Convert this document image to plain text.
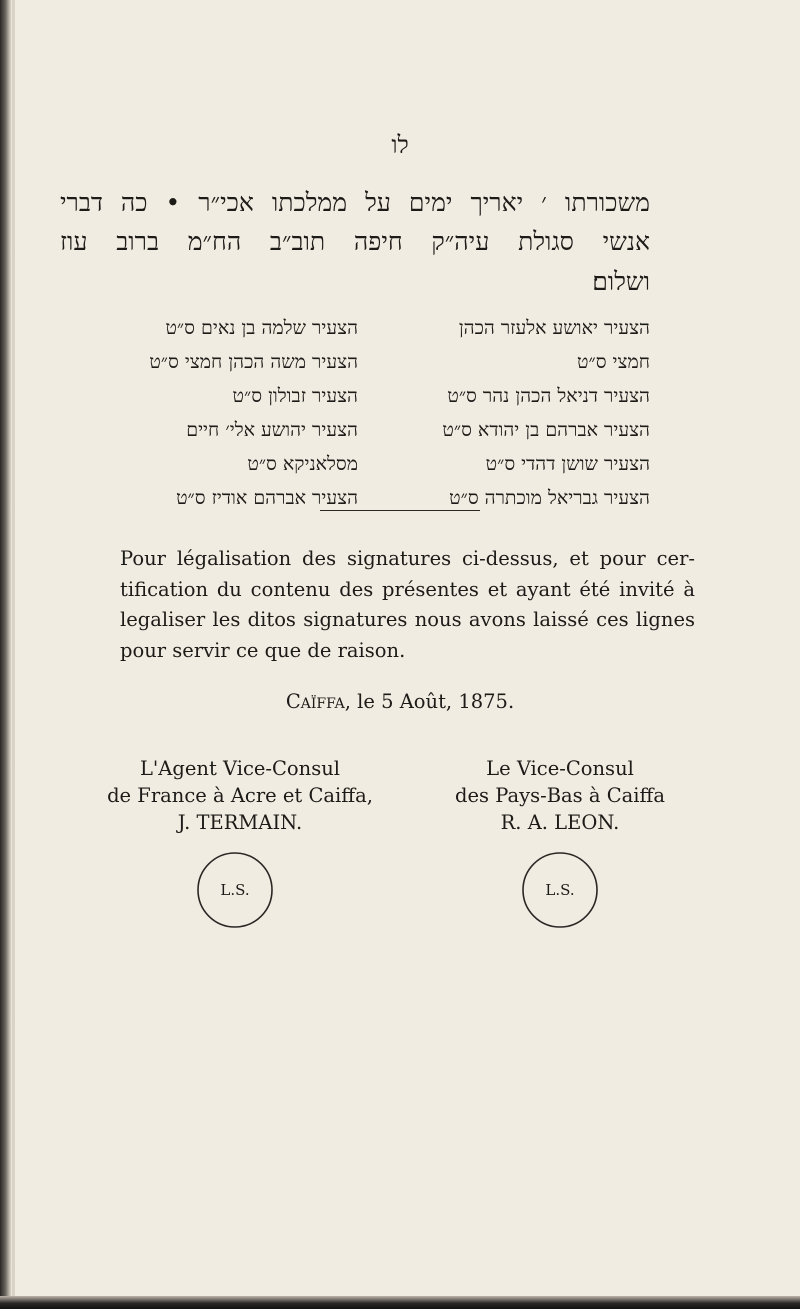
לו
משכורתו ׳ יאריך ימים על ממלכתו אכי״ר • כה דברי
אנשי סגולת עיה״ק חיפה תוב״ב הח״מ ברוב עוז
ושלום׃
הצעיר יאושע אלעזר הכהן
חמצי ס״ט
הצעיר דניאל הכהן נהר ס״ט
הצעיר אברהם בן יהודא ס״ט
הצעיר שושן דהדי ס״ט
הצעיר גבריאל מוכתרה ס״ט
הצעיר שלמה בן נאים ס״ט
הצעיר משה הכהן חמצי ס״ט
הצעיר זבולון ס״ט
הצעיר יהושע אלי׳ חיים
מסלאניקא ס״ט
הצעיר אברהם אודיז ס״ט
Pour légalisation des signatures ci-dessus, et pour cer-
tification du contenu des présentes et ayant été invité à
legaliser les ditos signatures nous avons laissé ces lignes
pour servir ce que de raison.
Caïffa, le 5 Août, 1875.
L'Agent Vice-Consul
de France à Acre et Caiffa,
J. TERMAIN.
Le Vice-Consul
des Pays-Bas à Caiffa
R. A. LEON.
L.S.	L.S.
